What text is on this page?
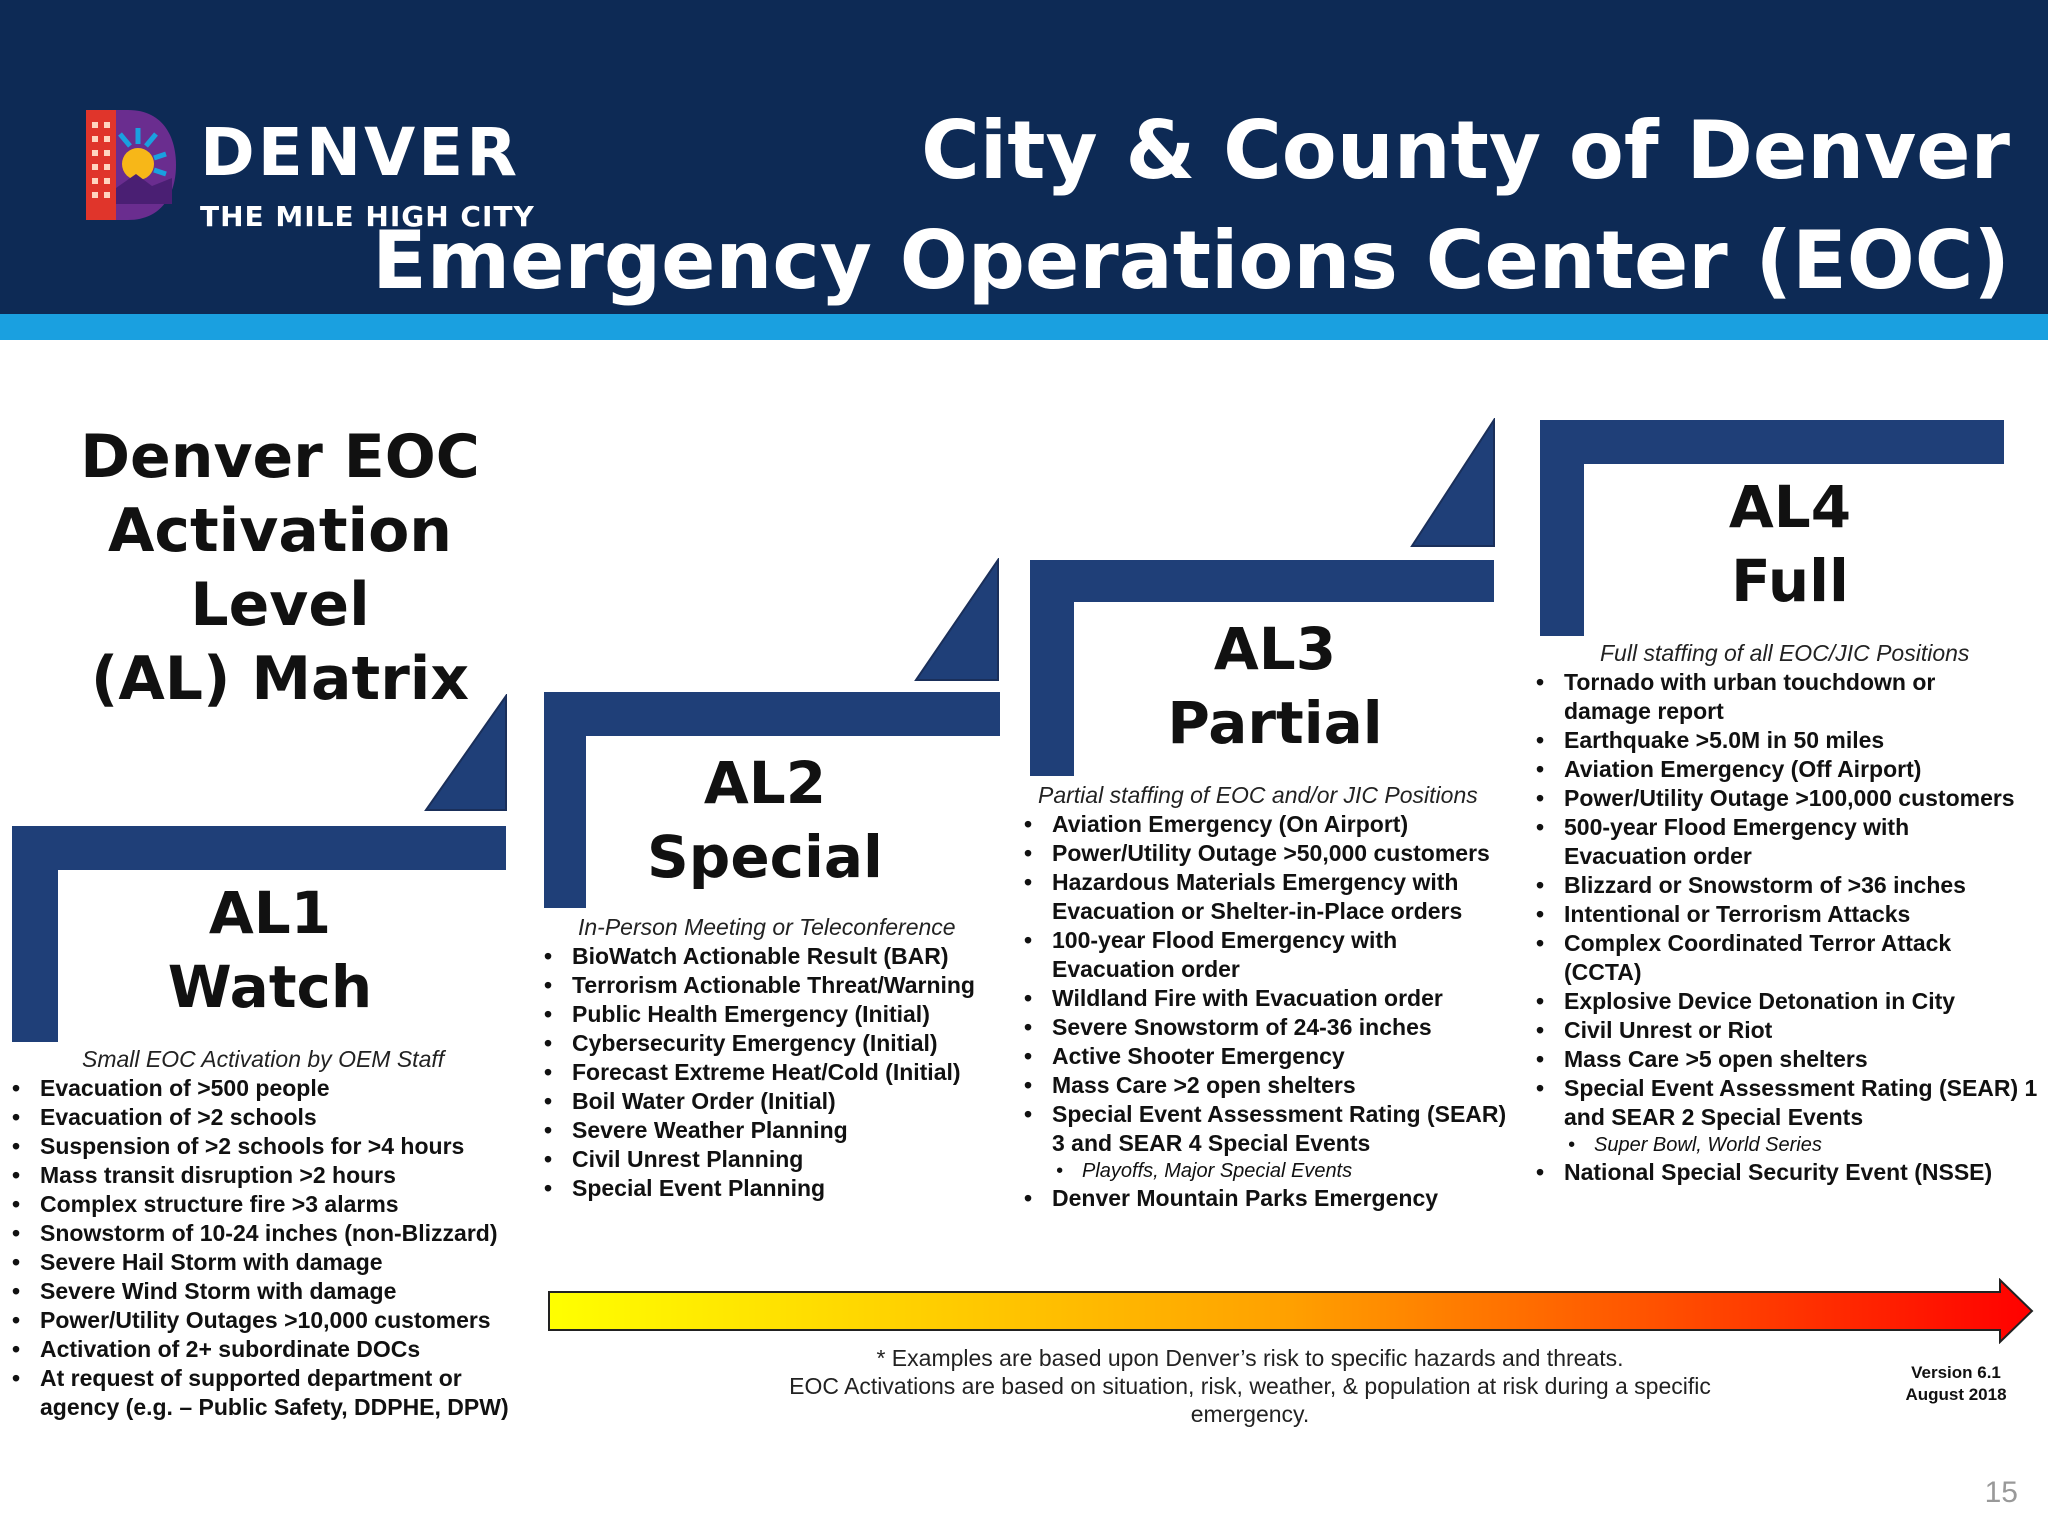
DENVER
THE MILE HIGH CITY
City & County of Denver
Emergency Operations Center (EOC)
Denver EOC
Activation Level
(AL) Matrix
AL1
Watch
AL2
Special
AL3
Partial
AL4
Full
Small EOC Activation by OEM Staff
In-Person Meeting or Teleconference
Partial staffing of EOC and/or JIC Positions
Full staffing of all EOC/JIC Positions
• Evacuation of >500 people
• Evacuation of >2 schools
• Suspension of >2 schools for >4 hours
• Mass transit disruption >2 hours
• Complex structure fire >3 alarms
• Snowstorm of 10-24 inches (non-Blizzard)
• Severe Hail Storm with damage
• Severe Wind Storm with damage
• Power/Utility Outages >10,000 customers
• Activation of 2+ subordinate DOCs
• At request of supported department or agency (e.g. – Public Safety, DDPHE, DPW)
• BioWatch Actionable Result (BAR)
• Terrorism Actionable Threat/Warning
• Public Health Emergency (Initial)
• Cybersecurity Emergency (Initial)
• Forecast Extreme Heat/Cold (Initial)
• Boil Water Order (Initial)
• Severe Weather Planning
• Civil Unrest Planning
• Special Event Planning
• Aviation Emergency (On Airport)
• Power/Utility Outage >50,000 customers
• Hazardous Materials Emergency with Evacuation or Shelter-in-Place orders
• 100-year Flood Emergency with Evacuation order
• Wildland Fire with Evacuation order
• Severe Snowstorm of 24-36 inches
• Active Shooter Emergency
• Mass Care >2 open shelters
• Special Event Assessment Rating (SEAR) 3 and SEAR 4 Special Events
• Playoffs, Major Special Events
• Denver Mountain Parks Emergency
• Tornado with urban touchdown or damage report
• Earthquake >5.0M in 50 miles
• Aviation Emergency (Off Airport)
• Power/Utility Outage >100,000 customers
• 500-year Flood Emergency with Evacuation order
• Blizzard or Snowstorm of >36 inches
• Intentional or Terrorism Attacks
• Complex Coordinated Terror Attack (CCTA)
• Explosive Device Detonation in City
• Civil Unrest or Riot
• Mass Care >5 open shelters
• Special Event Assessment Rating (SEAR) 1 and SEAR 2 Special Events
• Super Bowl, World Series
• National Special Security Event (NSSE)
* Examples are based upon Denver’s risk to specific hazards and threats.
EOC Activations are based on situation, risk, weather, & population at risk during a specific emergency.
Version 6.1
August 2018
15
